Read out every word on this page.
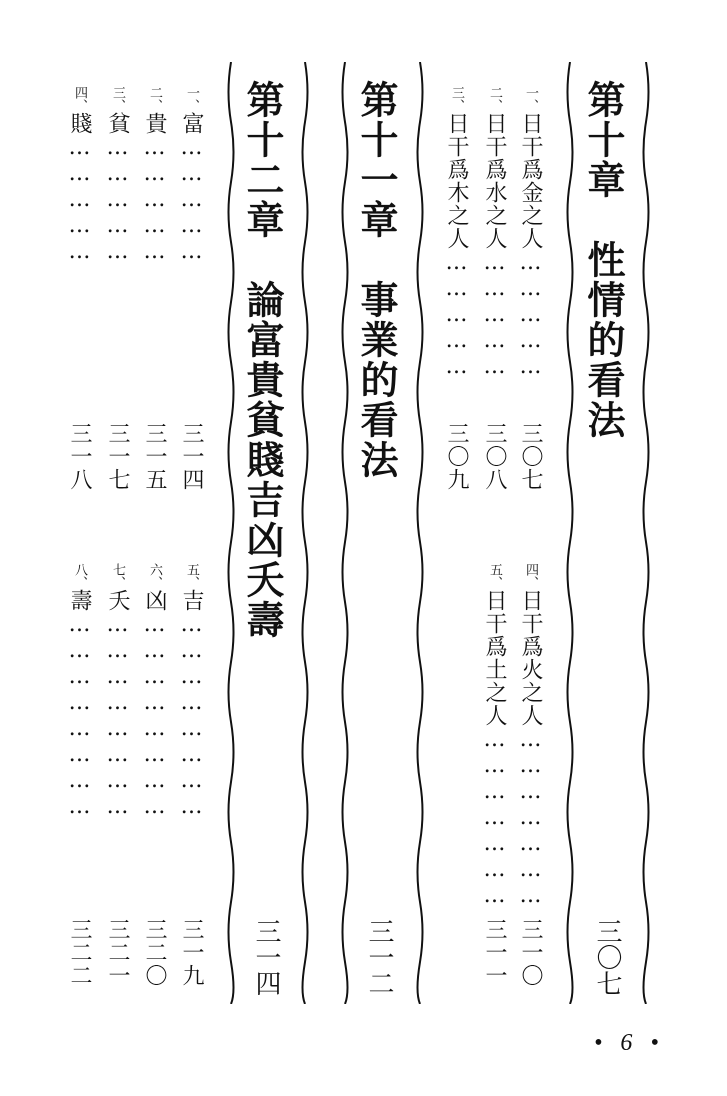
第十章　性情的看法
三〇七
一、日干爲金之人……………
三〇七
二、日干爲水之人……………
三〇八
三、日干爲木之人……………
三〇九
四、日干爲火之人…………………
三一〇
五、日干爲土之人…………………
三一一
第十一章　事業的看法
三一二
第十二章　論富貴貧賤吉凶夭壽
三一四
一、富……………
三一四
二、貴……………
三一五
三、貧……………
三一七
四、賤……………
三一八
五、吉……………………
三一九
六、凶……………………
三二〇
七、夭……………………
三二一
八、壽……………………
三二二
• 6 •
